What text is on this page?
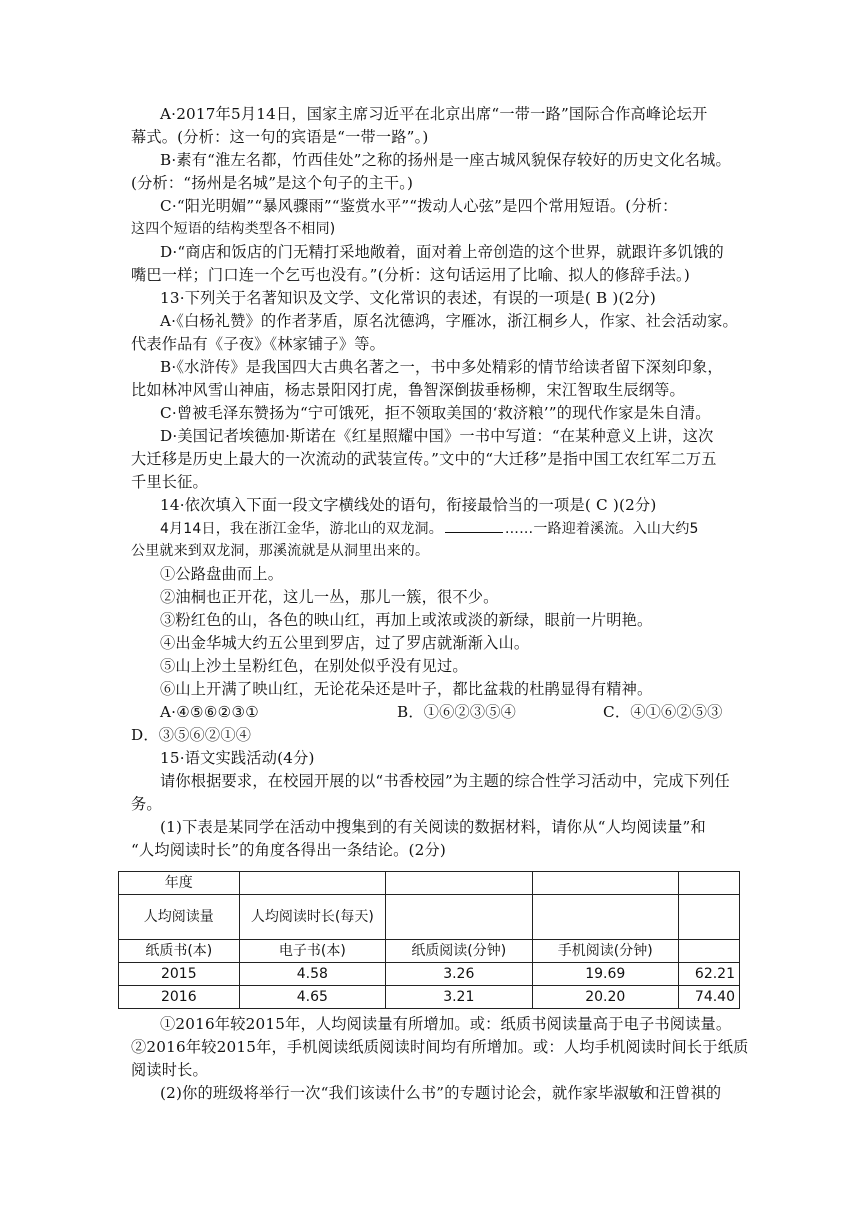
A·2017年5月14日，国家主席习近平在北京出席“一带一路”国际合作高峰论坛开
幕式。(分析：这一句的宾语是“一带一路”。)
B·素有“淮左名都，竹西佳处”之称的扬州是一座古城风貌保存较好的历史文化名城。
(分析：“扬州是名城”是这个句子的主干。)
C·“阳光明媚”“暴风骤雨”“鉴赏水平”“拨动人心弦”是四个常用短语。(分析：
这四个短语的结构类型各不相同)
D·“商店和饭店的门无精打采地敞着，面对着上帝创造的这个世界，就跟许多饥饿的
嘴巴一样；门口连一个乞丐也没有。”(分析：这句话运用了比喻、拟人的修辞手法。)
13·下列关于名著知识及文学、文化常识的表述，有误的一项是( B )(2分)
A·《白杨礼赞》的作者茅盾，原名沈德鸿，字雁冰，浙江桐乡人，作家、社会活动家。
代表作品有《子夜》《林家铺子》等。
B·《水浒传》是我国四大古典名著之一，书中多处精彩的情节给读者留下深刻印象，
比如林冲风雪山神庙，杨志景阳冈打虎，鲁智深倒拔垂杨柳，宋江智取生辰纲等。
C·曾被毛泽东赞扬为“宁可饿死，拒不领取美国的‘救济粮’”的现代作家是朱自清。
D·美国记者埃德加·斯诺在《红星照耀中国》一书中写道：“在某种意义上讲，这次
大迁移是历史上最大的一次流动的武装宣传。”文中的“大迁移”是指中国工农红军二万五
千里长征。
14·依次填入下面一段文字横线处的语句，衔接最恰当的一项是( C )(2分)
4月14日，我在浙江金华，游北山的双龙洞。	……一路迎着溪流。入山大约5
公里就来到双龙洞，那溪流就是从洞里出来的。
①公路盘曲而上。
②油桐也正开花，这儿一丛，那儿一簇，很不少。
③粉红色的山，各色的映山红，再加上或浓或淡的新绿，眼前一片明艳。
④出金华城大约五公里到罗店，过了罗店就渐渐入山。
⑤山上沙土呈粉红色，在别处似乎没有见过。
⑥山上开满了映山红，无论花朵还是叶子，都比盆栽的杜鹃显得有精神。
A·④⑤⑥②③①	B．①⑥②③⑤④	C．④①⑥②⑤③
D．③⑤⑥②①④
15·语文实践活动(4分)
请你根据要求，在校园开展的以“书香校园”为主题的综合性学习活动中，完成下列任
务。
(1)下表是某同学在活动中搜集到的有关阅读的数据材料，请你从“人均阅读量”和
“人均阅读时长”的角度各得出一条结论。(2分)
年度				
人均阅读量	人均阅读时长(每天)			
纸质书(本)	电子书(本)	纸质阅读(分钟)	手机阅读(分钟)	
2015	4.58	3.26	19.69	62.21
2016	4.65	3.21	20.20	74.40
①2016年较2015年，人均阅读量有所增加。或：纸质书阅读量高于电子书阅读量。
②2016年较2015年，手机阅读纸质阅读时间均有所增加。或：人均手机阅读时间长于纸质
阅读时长。
(2)你的班级将举行一次“我们该读什么书”的专题讨论会，就作家毕淑敏和汪曾祺的
